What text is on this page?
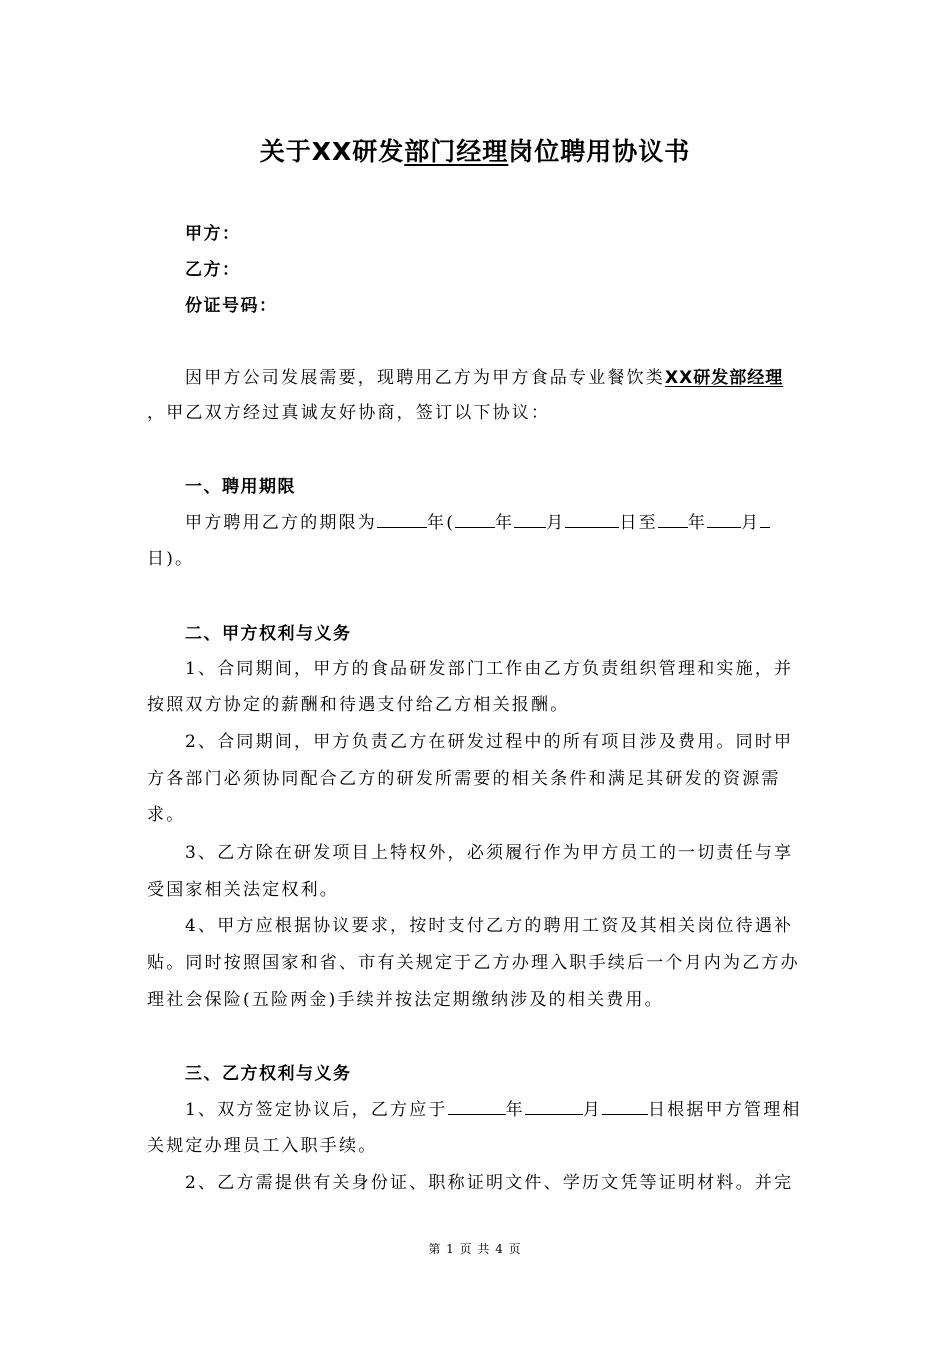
关于XX研发部门经理岗位聘用协议书
甲方：
乙方：
份证号码：
因甲方公司发展需要，现聘用乙方为甲方食品专业餐饮类XX研发部经理
，甲乙双方经过真诚友好协商，签订以下协议：
一、聘用期限
甲方聘用乙方的期限为	年( 年 月	日至 年 月
日)。
二、甲方权利与义务
1、合同期间，甲方的食品研发部门工作由乙方负责组织管理和实施，并
按照双方协定的薪酬和待遇支付给乙方相关报酬。
2、合同期间，甲方负责乙方在研发过程中的所有项目涉及费用。同时甲
方各部门必须协同配合乙方的研发所需要的相关条件和满足其研发的资源需
求。
3、乙方除在研发项目上特权外，必须履行作为甲方员工的一切责任与享
受国家相关法定权利。
4、甲方应根据协议要求，按时支付乙方的聘用工资及其相关岗位待遇补
贴。同时按照国家和省、市有关规定于乙方办理入职手续后一个月内为乙方办
理社会保险(五险两金)手续并按法定期缴纳涉及的相关费用。
三、乙方权利与义务
1、双方签定协议后，乙方应于	年	月	日根据甲方管理相
关规定办理员工入职手续。
2、乙方需提供有关身份证、职称证明文件、学历文凭等证明材料。并完
第 1 页 共 4 页
